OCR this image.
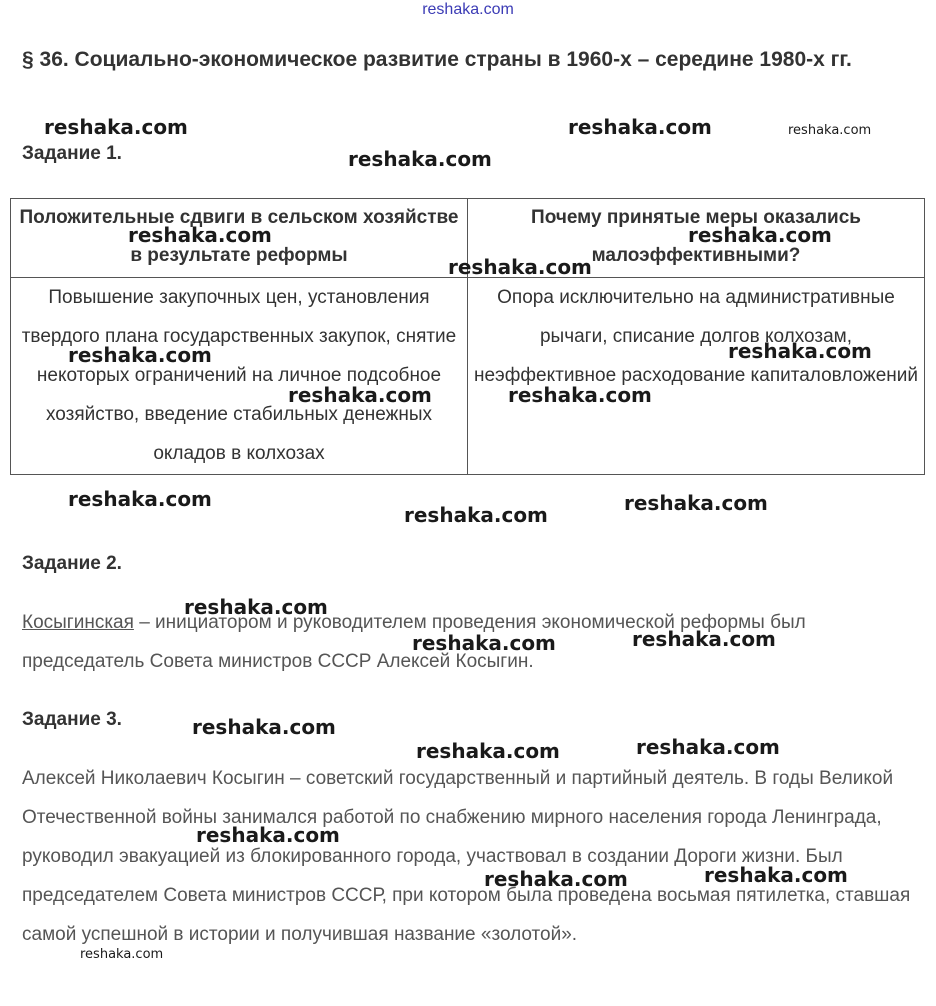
reshaka.com
§ 36. Социально-экономическое развитие страны в 1960-х – середине 1980-х гг.
Задание 1.
Положительные сдвиги в сельском хозяйстве в результате реформы	Почему принятые меры оказались малоэффективными?
Повышение закупочных цен, установления твердого плана государственных закупок, снятие некоторых ограничений на личное подсобное хозяйство, введение стабильных денежных окладов в колхозах	Опора исключительно на административные рычаги, списание долгов колхозам, неэффективное расходование капиталовложений
Задание 2.
Косыгинская – инициатором и руководителем проведения экономической реформы был председатель Совета министров СССР Алексей Косыгин.
Задание 3.
Алексей Николаевич Косыгин – советский государственный и партийный деятель. В годы Великой Отечественной войны занимался работой по снабжению мирного населения города Ленинграда, руководил эвакуацией из блокированного города, участвовал в создании Дороги жизни. Был председателем Совета министров СССР, при котором была проведена восьмая пятилетка, ставшая самой успешной в истории и получившая название «золотой».
reshaka.com	reshaka.com	reshaka.com
reshaka.com
reshaka.com	reshaka.com
reshaka.com
reshaka.com	reshaka.com
reshaka.com	reshaka.com
reshaka.com	reshaka.com
reshaka.com
reshaka.com
reshaka.com	reshaka.com
reshaka.com
reshaka.com	reshaka.com
reshaka.com
reshaka.com	reshaka.com
reshaka.com
